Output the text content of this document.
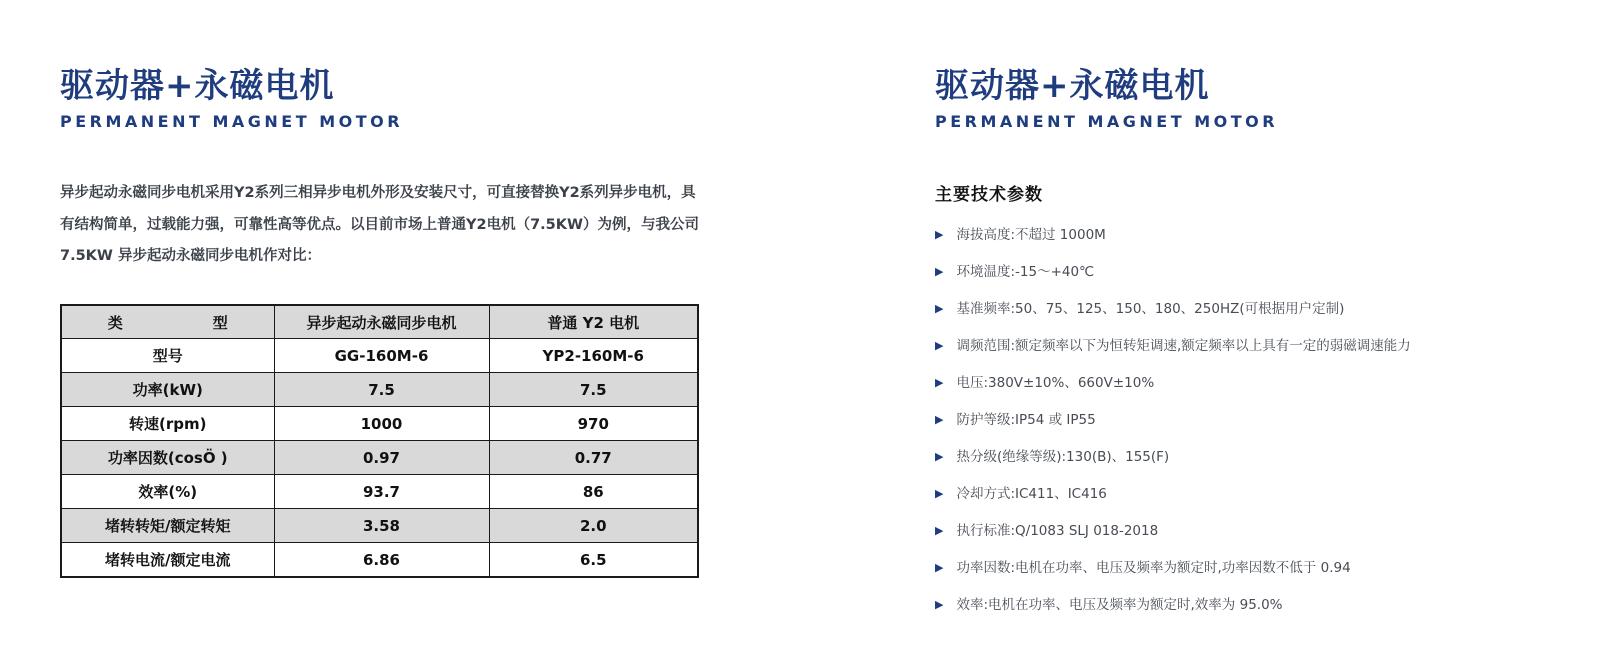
驱动器+永磁电机
PERMANENT MAGNET MOTOR
异步起动永磁同步电机采用Y2系列三相异步电机外形及安装尺寸，可直接替换Y2系列异步电机，具
有结构简单，过载能力强，可靠性高等优点。以目前市场上普通Y2电机（7.5KW）为例，与我公司
7.5KW 异步起动永磁同步电机作对比：
类　　　　　　型	异步起动永磁同步电机	普通 Y2 电机
型号	GG-160M-6	YP2-160M-6
功率(kW)	7.5	7.5
转速(rpm)	1000	970
功率因数(cosÖ )	0.97	0.77
效率(%)	93.7	86
堵转转矩/额定转矩	3.58	2.0
堵转电流/额定电流	6.86	6.5
驱动器+永磁电机
PERMANENT MAGNET MOTOR
主要技术参数
▶ 海拔高度:不超过 1000M
▶ 环境温度:-15～+40℃
▶ 基准频率:50、75、125、150、180、250HZ(可根据用户定制)
▶ 调频范围:额定频率以下为恒转矩调速,额定频率以上具有一定的弱磁调速能力
▶ 电压:380V±10%、660V±10%
▶ 防护等级:IP54 或 IP55
▶ 热分级(绝缘等级):130(B)、155(F)
▶ 冷却方式:IC411、IC416
▶ 执行标准:Q/1083 SLJ 018-2018
▶ 功率因数:电机在功率、电压及频率为额定时,功率因数不低于 0.94
▶ 效率:电机在功率、电压及频率为额定时,效率为 95.0%
